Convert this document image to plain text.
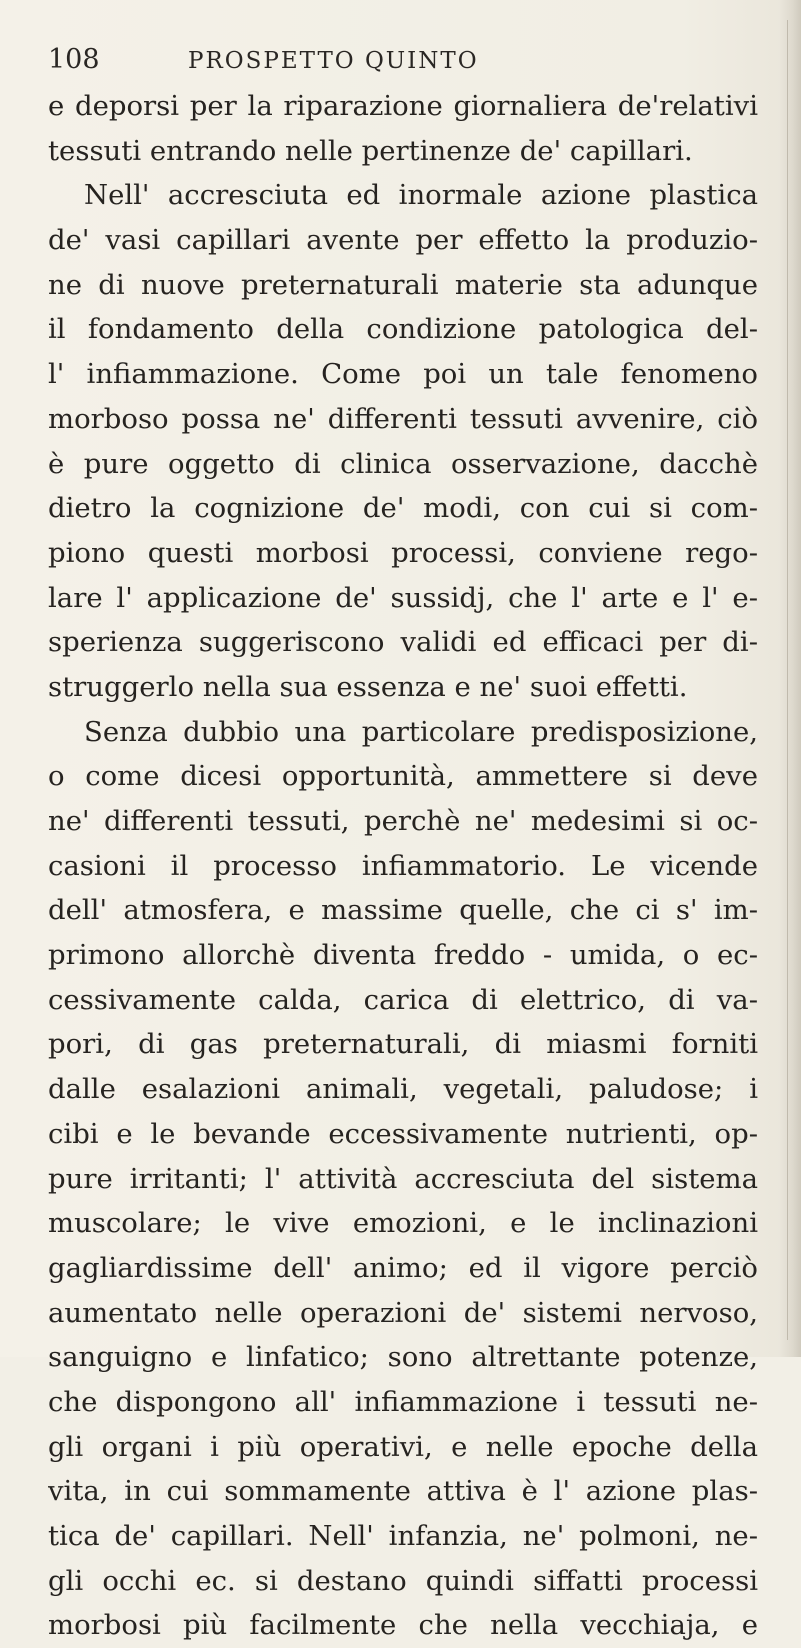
108	PROSPETTO QUINTO
e deporsi per la riparazione giornaliera de'relativi
tessuti entrando nelle pertinenze de' capillari.
Nell' accresciuta ed inormale azione plastica
de' vasi capillari avente per effetto la produzio-
ne di nuove preternaturali materie sta adunque
il fondamento della condizione patologica del-
l' infiammazione. Come poi un tale fenomeno
morboso possa ne' differenti tessuti avvenire, ciò
è pure oggetto di clinica osservazione, dacchè
dietro la cognizione de' modi, con cui si com-
piono questi morbosi processi, conviene rego-
lare l' applicazione de' sussidj, che l' arte e l' e-
sperienza suggeriscono validi ed efficaci per di-
struggerlo nella sua essenza e ne' suoi effetti.
Senza dubbio una particolare predisposizione,
o come dicesi opportunità, ammettere si deve
ne' differenti tessuti, perchè ne' medesimi si oc-
casioni il processo infiammatorio. Le vicende
dell' atmosfera, e massime quelle, che ci s' im-
primono allorchè diventa freddo - umida, o ec-
cessivamente calda, carica di elettrico, di va-
pori, di gas preternaturali, di miasmi forniti
dalle esalazioni animali, vegetali, paludose; i
cibi e le bevande eccessivamente nutrienti, op-
pure irritanti; l' attività accresciuta del sistema
muscolare; le vive emozioni, e le inclinazioni
gagliardissime dell' animo; ed il vigore perciò
aumentato nelle operazioni de' sistemi nervoso,
sanguigno e linfatico; sono altrettante potenze,
che dispongono all' infiammazione i tessuti ne-
gli organi i più operativi, e nelle epoche della
vita, in cui sommamente attiva è l' azione plas-
tica de' capillari. Nell' infanzia, ne' polmoni, ne-
gli occhi ec. si destano quindi siffatti processi
morbosi più facilmente che nella vecchiaja, e
